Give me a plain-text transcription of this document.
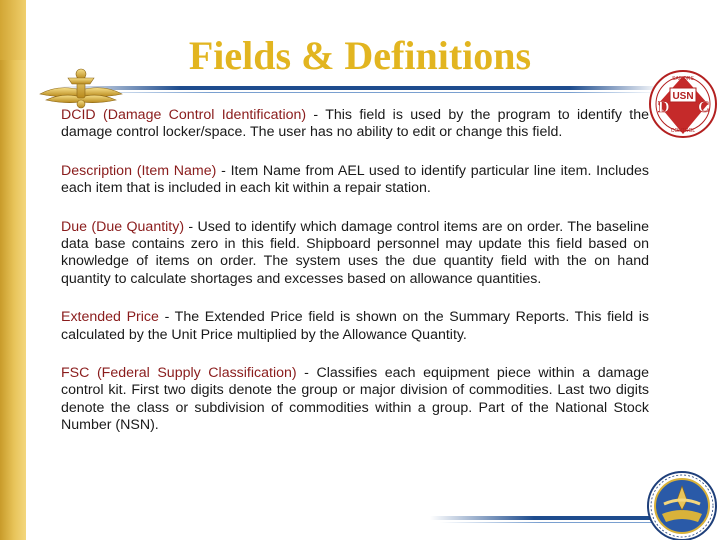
Fields & Definitions
USN
D C
SAILORS
CONTROL

DCID (Damage Control Identification) - This field is used by the program to identify the damage control locker/space. The user has no ability to edit or change this field.

Description (Item Name) - Item Name from AEL used to identify particular line item. Includes each item that is included in each kit within a repair station.

Due (Due Quantity) - Used to identify which damage control items are on order. The baseline data base contains zero in this field. Shipboard personnel may update this field based on knowledge of items on order. The system uses the due quantity field with the on hand quantity to calculate shortages and excesses based on allowance quantities.

Extended Price - The Extended Price field is shown on the Summary Reports. This field is calculated by the Unit Price multiplied by the Allowance Quantity.

FSC (Federal Supply Classification) - Classifies each equipment piece within a damage control kit. First two digits denote the group or major division of commodities. Last two digits denote the class or subdivision of commodities within a group. Part of the National Stock Number (NSN).
